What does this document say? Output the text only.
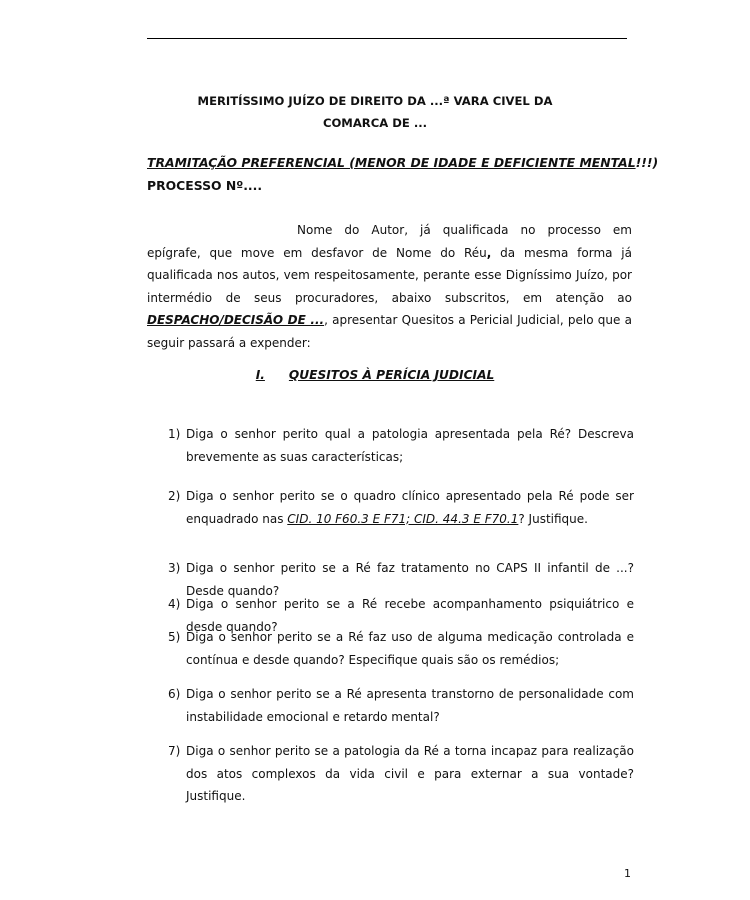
MERITÍSSIMO JUÍZO DE DIREITO DA ...ª VARA CIVEL DA
COMARCA DE ...
TRAMITAÇÃO PREFERENCIAL (MENOR DE IDADE E DEFICIENTE MENTAL!!!)
PROCESSO Nº....
Nome do Autor, já qualificada no processo em epígrafe, que move em desfavor de Nome do Réu, da mesma forma já qualificada nos autos, vem respeitosamente, perante esse Digníssimo Juízo, por intermédio de seus procuradores, abaixo subscritos, em atenção ao DESPACHO/DECISÃO DE ..., apresentar Quesitos a Pericial Judicial, pelo que a seguir passará a expender:
I. QUESITOS À PERÍCIA JUDICIAL
1) Diga o senhor perito qual a patologia apresentada pela Ré? Descreva brevemente as suas características;
2) Diga o senhor perito se o quadro clínico apresentado pela Ré pode ser enquadrado nas CID. 10 F60.3 E F71; CID. 44.3 E F70.1? Justifique.
3) Diga o senhor perito se a Ré faz tratamento no CAPS II infantil de ...? Desde quando?
4) Diga o senhor perito se a Ré recebe acompanhamento psiquiátrico e desde quando?
5) Diga o senhor perito se a Ré faz uso de alguma medicação controlada e contínua e desde quando? Especifique quais são os remédios;
6) Diga o senhor perito se a Ré apresenta transtorno de personalidade com instabilidade emocional e retardo mental?
7) Diga o senhor perito se a patologia da Ré a torna incapaz para realização dos atos complexos da vida civil e para externar a sua vontade? Justifique.
1
